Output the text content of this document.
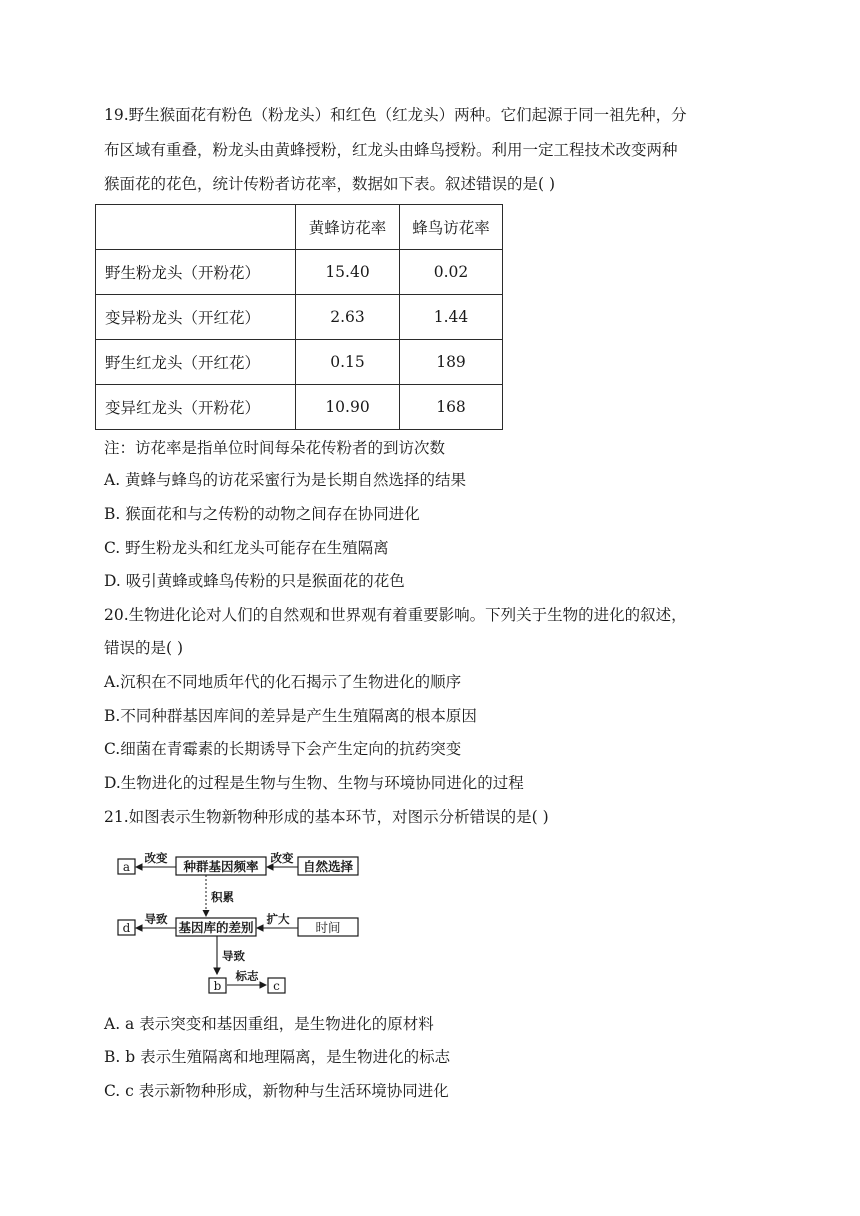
19.野生猴面花有粉色（粉龙头）和红色（红龙头）两种。它们起源于同一祖先种，分
布区域有重叠，粉龙头由黄蜂授粉，红龙头由蜂鸟授粉。利用一定工程技术改变两种
猴面花的花色，统计传粉者访花率，数据如下表。叙述错误的是( )
	黄蜂访花率	蜂鸟访花率
野生粉龙头（开粉花）	15.40	0.02
变异粉龙头（开红花）	2.63	1.44
野生红龙头（开红花）	0.15	189
变异红龙头（开粉花）	10.90	168
注：访花率是指单位时间每朵花传粉者的到访次数
A. 黄蜂与蜂鸟的访花采蜜行为是长期自然选择的结果
B. 猴面花和与之传粉的动物之间存在协同进化
C. 野生粉龙头和红龙头可能存在生殖隔离
D. 吸引黄蜂或蜂鸟传粉的只是猴面花的花色
20.生物进化论对人们的自然观和世界观有着重要影响。下列关于生物的进化的叙述，
错误的是( )
A.沉积在不同地质年代的化石揭示了生物进化的顺序
B.不同种群基因库间的差异是产生生殖隔离的根本原因
C.细菌在青霉素的长期诱导下会产生定向的抗药突变
D.生物进化的过程是生物与生物、生物与环境协同进化的过程
21.如图表示生物新物种形成的基本环节，对图示分析错误的是( )
a	种群基因频率	自然选择
改变	改变
积累
d	基因库的差别	时间
导致	扩大
导致
b
标志
c
A. a 表示突变和基因重组，是生物进化的原材料
B. b 表示生殖隔离和地理隔离，是生物进化的标志
C. c 表示新物种形成，新物种与生活环境协同进化
